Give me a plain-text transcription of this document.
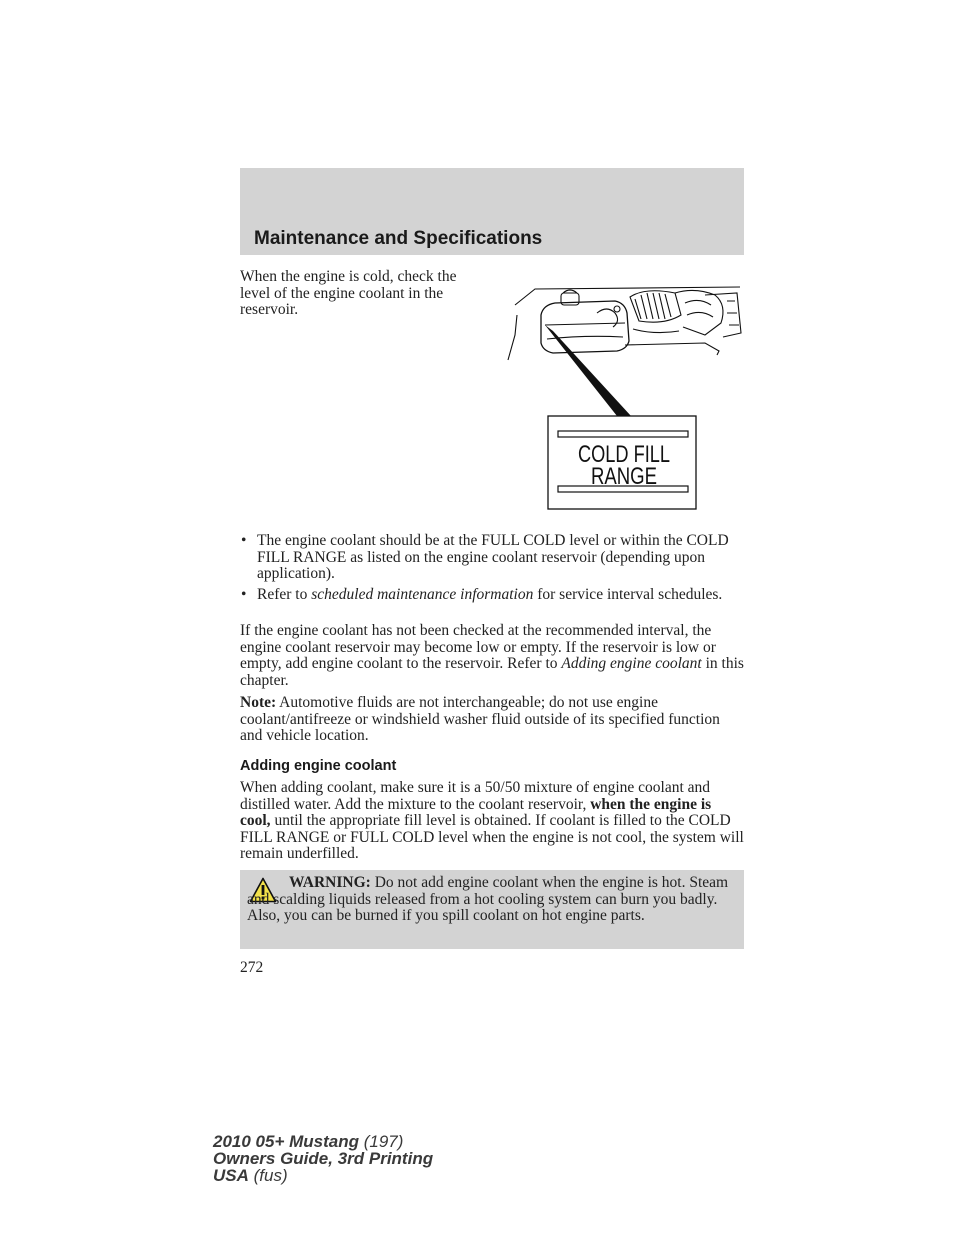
Maintenance and Specifications

When the engine is cold, check the level of the engine coolant in the reservoir.

COLD FILL
RANGE
• The engine coolant should be at the FULL COLD level or within the COLD FILL RANGE as listed on the engine coolant reservoir (depending upon application).
• Refer to scheduled maintenance information for service interval schedules.

If the engine coolant has not been checked at the recommended interval, the engine coolant reservoir may become low or empty. If the reservoir is low or empty, add engine coolant to the reservoir. Refer to Adding engine coolant in this chapter.

Note: Automotive fluids are not interchangeable; do not use engine coolant/antifreeze or windshield washer fluid outside of its specified function and vehicle location.

Adding engine coolant

When adding coolant, make sure it is a 50/50 mixture of engine coolant and distilled water. Add the mixture to the coolant reservoir, when the engine is cool, until the appropriate fill level is obtained. If coolant is filled to the COLD FILL RANGE or FULL COLD level when the engine is not cool, the system will remain underfilled.

WARNING: Do not add engine coolant when the engine is hot. Steam and scalding liquids released from a hot cooling system can burn you badly. Also, you can be burned if you spill coolant on hot engine parts.

272

2010 05+ Mustang (197)
Owners Guide, 3rd Printing
USA (fus)
